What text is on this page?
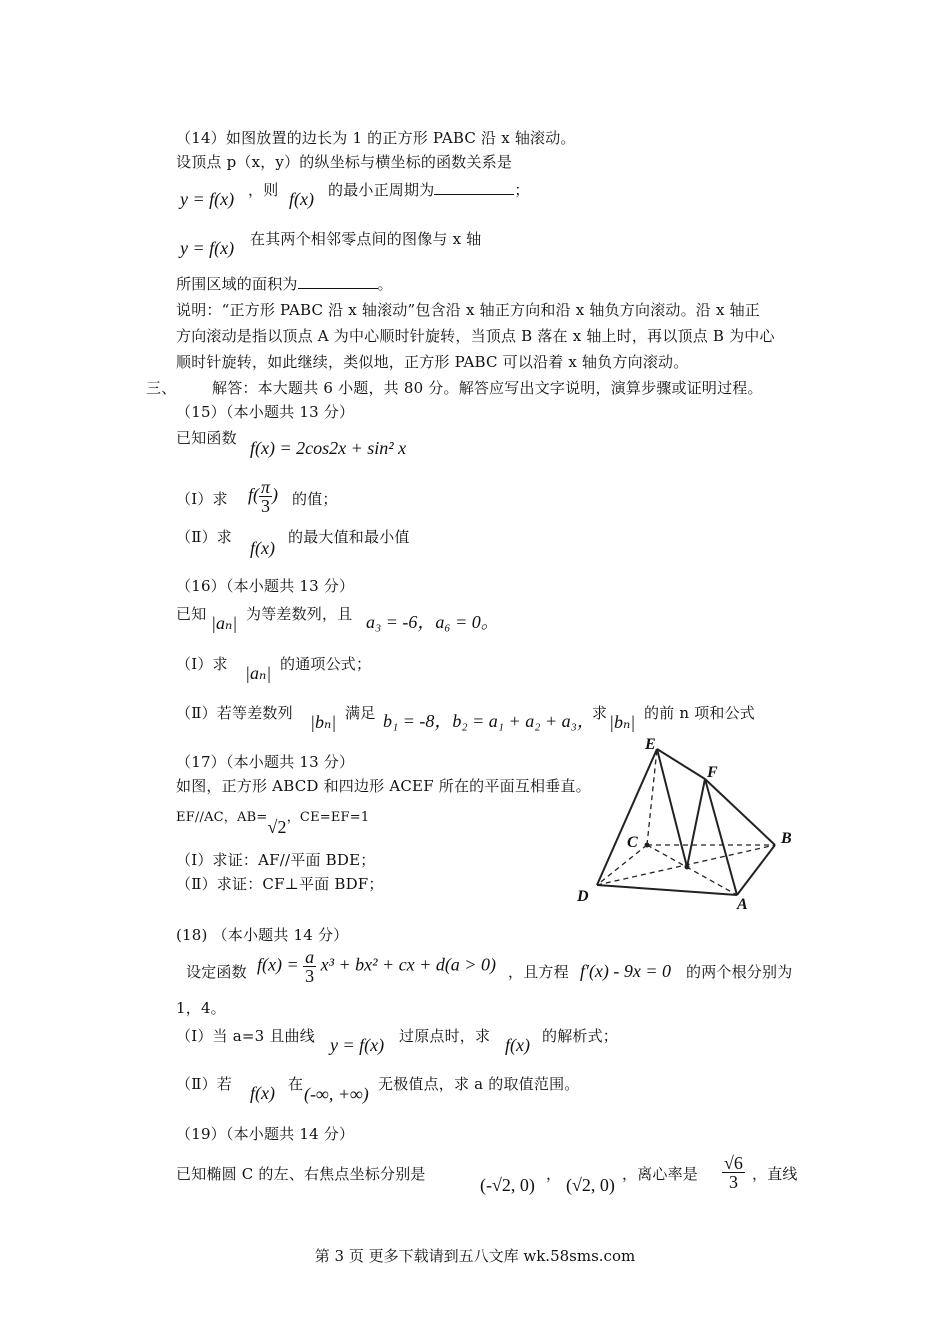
（14）如图放置的边长为 1 的正方形 PABC 沿 x 轴滚动。
设顶点 p（x，y）的纵坐标与横坐标的函数关系是
y = f(x) ，则 f(x) 的最小正周期为	；
y = f(x) 在其两个相邻零点间的图像与 x 轴
所围区域的面积为	。
说明：“正方形 PABC 沿 x 轴滚动”包含沿 x 轴正方向和沿 x 轴负方向滚动。沿 x 轴正
方向滚动是指以顶点 A 为中心顺时针旋转，当顶点 B 落在 x 轴上时，再以顶点 B 为中心
顺时针旋转，如此继续，类似地，正方形 PABC 可以沿着 x 轴负方向滚动。
三、 解答：本大题共 6 小题，共 80 分。解答应写出文字说明，演算步骤或证明过程。
（15）（本小题共 13 分）
已知函数 f(x) = 2cos2x + sin² x
（Ⅰ）求 $f( \frac{\pi}{3}$ ) 的值；
（Ⅱ）求
f(x)
的最大值和最小值
（16）（本小题共 13 分）
已知 |aₙ| 为等差数列，且 a₃ = -6，a₆ = 0。
（Ⅰ）求 |aₙ| 的通项公式；
（Ⅱ）若等差数列 |bₙ| 满足 b₁ = -8，b₂ = a₁ + a₂ + a₃，
求 |bₙ| 的前 n 项和公式
（17）（本小题共 13 分）
如图，正方形 ABCD 和四边形 ACEF 所在的平面互相垂直。
EF//AC，AB=√2，CE=EF=1
（Ⅰ）求证：AF//平面 BDE；
（Ⅱ）求证：CF⊥平面 BDF；
E
F
C	B
D	A
(18) （本小题共 14 分）
设定函数 $f(x) = \frac{a}{3} x^3 + bx^2$ + cx + d(a > 0) ，且方程 f′(x) - 9x = 0 的两个根分别为
1，4。
（Ⅰ）当 a=3 且曲线 y = f(x) 过原点时，求 f(x) 的解析式；
（Ⅱ）若 f(x) 在 (-∞, +∞) 无极值点，求 a 的取值范围。
（19）（本小题共 14 分）
已知椭圆 C 的左、右焦点坐标分别是
(-√2, 0)
，
(√2, 0)
，离心率是 $\frac{√6}{3}$ ，直线
第 3 页 更多下载请到五八文库 wk.58sms.com
